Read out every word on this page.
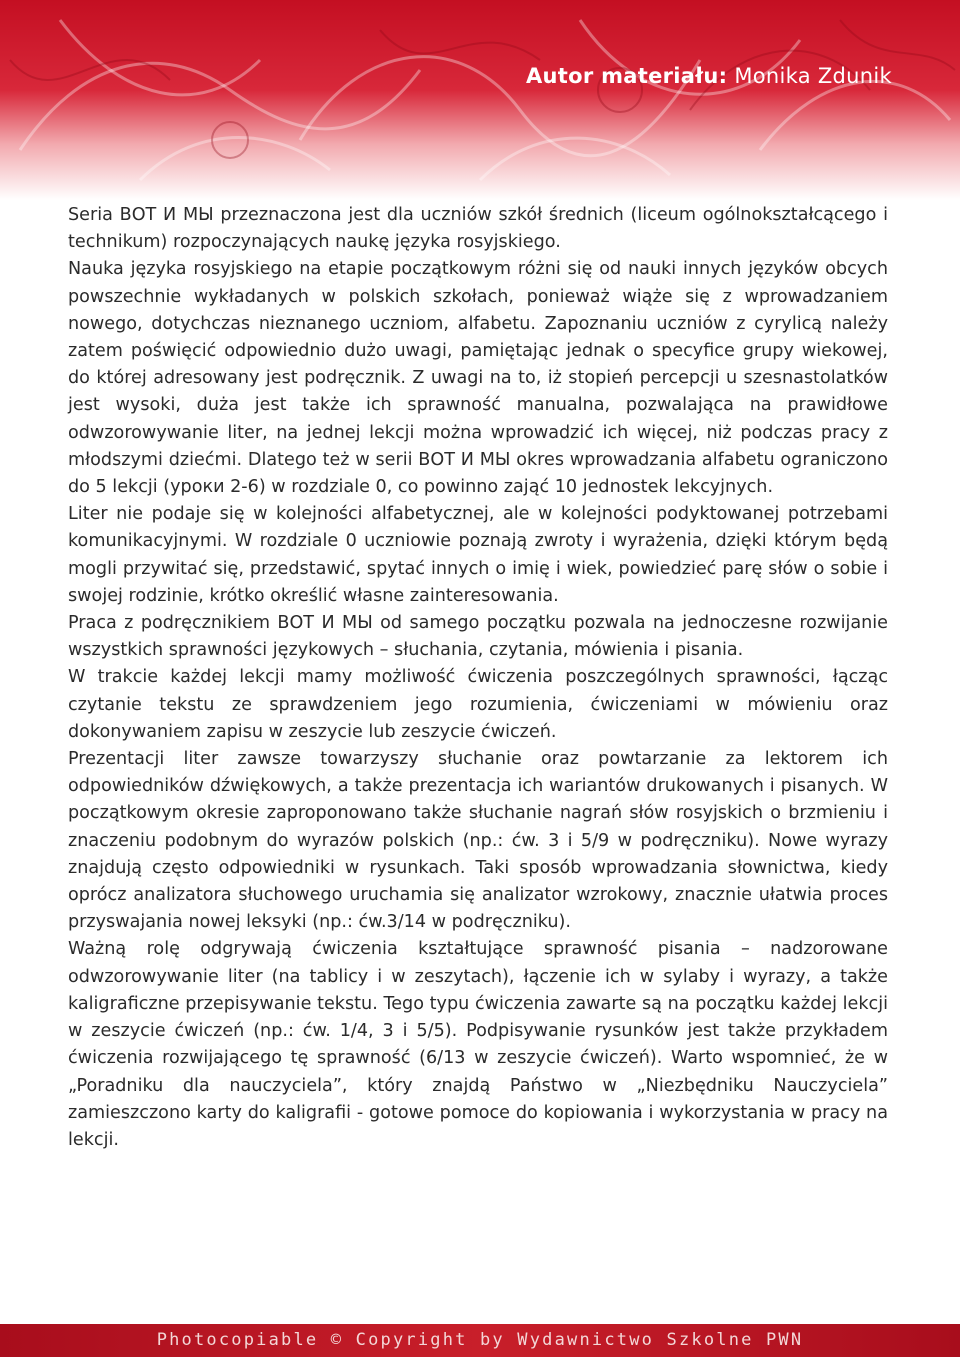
Autor materiału: Monika Zdunik

Seria ВОТ И МЫ przeznaczona jest dla uczniów szkół średnich (liceum ogólnokształcącego i technikum) rozpoczynających naukę języka rosyjskiego.

Nauka języka rosyjskiego na etapie początkowym różni się od nauki innych języków obcych powszechnie wykładanych w polskich szkołach, ponieważ wiąże się z wprowadzaniem nowego, dotychczas nieznanego uczniom, alfabetu. Zapoznaniu uczniów z cyrylicą należy zatem poświęcić odpowiednio dużo uwagi, pamiętając jednak o specyfice grupy wiekowej, do której adresowany jest podręcznik. Z uwagi na to, iż stopień percepcji u szesnastolatków jest wysoki, duża jest także ich sprawność manualna, pozwalająca na prawidłowe odwzorowywanie liter, na jednej lekcji można wprowadzić ich więcej, niż podczas pracy z młodszymi dziećmi. Dlatego też w serii ВОТ И МЫ okres wprowadzania alfabetu ograniczono do 5 lekcji (уроки 2-6) w rozdziale 0, co powinno zająć 10 jednostek lekcyjnych.

Liter nie podaje się w kolejności alfabetycznej, ale w kolejności podyktowanej potrzebami komunikacyjnymi. W rozdziale 0 uczniowie poznają zwroty i wyrażenia, dzięki którym będą mogli przywitać się, przedstawić, spytać innych o imię i wiek, powiedzieć parę słów o sobie i swojej rodzinie, krótko określić własne zainteresowania.

Praca z podręcznikiem ВОТ И МЫ od samego początku pozwala na jednoczesne rozwijanie wszystkich sprawności językowych – słuchania, czytania, mówienia i pisania.

W trakcie każdej lekcji mamy możliwość ćwiczenia poszczególnych sprawności, łącząc czytanie tekstu ze sprawdzeniem jego rozumienia, ćwiczeniami w mówieniu oraz dokonywaniem zapisu w zeszycie lub zeszycie ćwiczeń.

Prezentacji liter zawsze towarzyszy słuchanie oraz powtarzanie za lektorem ich odpowiedników dźwiękowych, a także prezentacja ich wariantów drukowanych i pisanych. W początkowym okresie zaproponowano także słuchanie nagrań słów rosyjskich o brzmieniu i znaczeniu podobnym do wyrazów polskich (np.: ćw. 3 i 5/9 w podręczniku). Nowe wyrazy znajdują często odpowiedniki w rysunkach. Taki sposób wprowadzania słownictwa, kiedy oprócz analizatora słuchowego uruchamia się analizator wzrokowy, znacznie ułatwia proces przyswajania nowej leksyki (np.: ćw.3/14 w podręczniku).

Ważną rolę odgrywają ćwiczenia kształtujące sprawność pisania – nadzorowane odwzorowywanie liter (na tablicy i w zeszytach), łączenie ich w sylaby i wyrazy, a także kaligraficzne przepisywanie tekstu. Tego typu ćwiczenia zawarte są na początku każdej lekcji w zeszycie ćwiczeń (np.: ćw. 1/4, 3 i 5/5). Podpisywanie rysunków jest także przykładem ćwiczenia rozwijającego tę sprawność (6/13 w zeszycie ćwiczeń). Warto wspomnieć, że w „Poradniku dla nauczyciela”, który znajdą Państwo w „Niezbędniku Nauczyciela” zamieszczono karty do kaligrafii - gotowe pomoce do kopiowania i wykorzystania w pracy na lekcji.

Photocopiable © Copyright by Wydawnictwo Szkolne PWN
